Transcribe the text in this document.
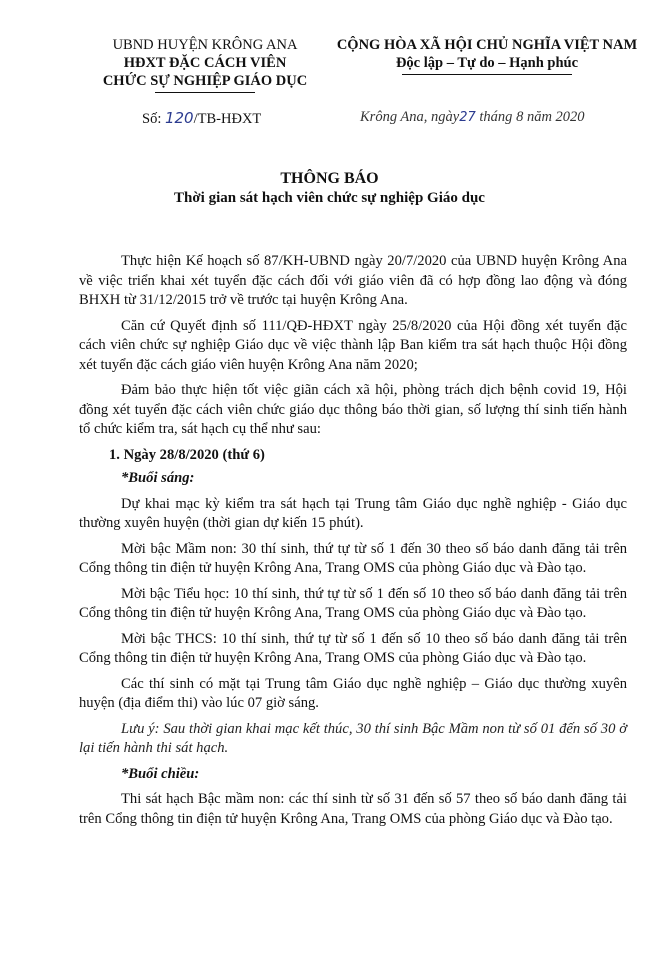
UBND HUYỆN KRÔNG ANA
HĐXT ĐẶC CÁCH VIÊN
CHỨC SỰ NGHIỆP GIÁO DỤC
CỘNG HÒA XÃ HỘI CHỦ NGHĨA VIỆT NAM
Độc lập – Tự do – Hạnh phúc
Số: 120/TB-HĐXT	Krông Ana, ngày27 tháng 8 năm 2020
THÔNG BÁO
Thời gian sát hạch viên chức sự nghiệp Giáo dục

Thực hiện Kế hoạch số 87/KH-UBND ngày 20/7/2020 của UBND huyện Krông Ana về việc triển khai xét tuyển đặc cách đối với giáo viên đã có hợp đồng lao động và đóng BHXH từ 31/12/2015 trở về trước tại huyện Krông Ana.

Căn cứ Quyết định số 111/QĐ-HĐXT ngày 25/8/2020 của Hội đồng xét tuyển đặc cách viên chức sự nghiệp Giáo dục về việc thành lập Ban kiểm tra sát hạch thuộc Hội đồng xét tuyển đặc cách giáo viên huyện Krông Ana năm 2020;

Đảm bảo thực hiện tốt việc giãn cách xã hội, phòng trách dịch bệnh covid 19, Hội đồng xét tuyển đặc cách viên chức giáo dục thông báo thời gian, số lượng thí sinh tiến hành tổ chức kiểm tra, sát hạch cụ thể như sau:

1. Ngày 28/8/2020 (thứ 6)

*Buổi sáng:

Dự khai mạc kỳ kiểm tra sát hạch tại Trung tâm Giáo dục nghề nghiệp - Giáo dục thường xuyên huyện (thời gian dự kiến 15 phút).

Mời bậc Mầm non: 30 thí sinh, thứ tự từ số 1 đến 30 theo số báo danh đăng tải trên Cổng thông tin điện tử huyện Krông Ana, Trang OMS của phòng Giáo dục và Đào tạo.

Mời bậc Tiểu học: 10 thí sinh, thứ tự từ số 1 đến số 10 theo số báo danh đăng tải trên Cổng thông tin điện tử huyện Krông Ana, Trang OMS của phòng Giáo dục và Đào tạo.

Mời bậc THCS: 10 thí sinh, thứ tự từ số 1 đến số 10 theo số báo danh đăng tải trên Cổng thông tin điện tử huyện Krông Ana, Trang OMS của phòng Giáo dục và Đào tạo.

Các thí sinh có mặt tại Trung tâm Giáo dục nghề nghiệp – Giáo dục thường xuyên huyện (địa điểm thi) vào lúc 07 giờ sáng.

Lưu ý: Sau thời gian khai mạc kết thúc, 30 thí sinh Bậc Mầm non từ số 01 đến số 30 ở lại tiến hành thi sát hạch.

*Buổi chiều:

Thi sát hạch Bậc mầm non: các thí sinh từ số 31 đến số 57 theo số báo danh đăng tải trên Cổng thông tin điện tử huyện Krông Ana, Trang OMS của phòng Giáo dục và Đào tạo.
